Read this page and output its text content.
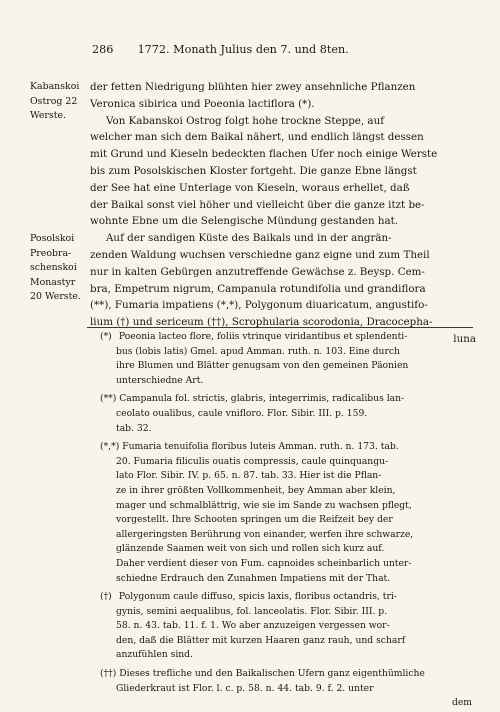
286 1772. Monath Julius den 7. und 8ten.
Kabanskoi
Ostrog 22
Werste.
Posolskoi
Preobra-
schenskoi
Monastyr
20 Werste.
der fetten Niedrigung blühten hier zwey ansehnliche Pflanzen
Veronica sibirica und Poeonia lactiflora (*).
Von Kabanskoi Ostrog folgt hohe trockne Steppe, auf
welcher man sich dem Baikal nähert, und endlich längst dessen
mit Grund und Kieseln bedeckten flachen Ufer noch einige Werste
bis zum Posolskischen Kloster fortgeht. Die ganze Ebne längst
der See hat eine Unterlage von Kieseln, woraus erhellet, daß
der Baikal sonst viel höher und vielleicht über die ganze itzt be-
wohnte Ebne um die Selengische Mündung gestanden hat.
Auf der sandigen Küste des Baikals und in der angrän-
zenden Waldung wuchsen verschiedne ganz eigne und zum Theil
nur in kalten Gebürgen anzutreffende Gewächse z. Beysp. Cem-
bra, Empetrum nigrum, Campanula rotundifolia und grandiflora
(**), Fumaria impatiens (*,*), Polygonum diuaricatum, angustifo-
lium (†) und sericeum (††), Scrophularia scorodonia, Dracocepha-
luna
(*) Poeonia lacteo flore, foliis vtrinque viridantibus et splendenti-
bus (lobis latis) Gmel. apud Amman. ruth. n. 103. Eine durch
ihre Blumen und Blätter genugsam von den gemeinen Päonien
unterschiedne Art.
(**) Campanula fol. strictis, glabris, integerrimis, radicalibus lan-
ceolato oualibus, caule vnifloro. Flor. Sibir. III. p. 159.
tab. 32.
(*,*) Fumaria tenuifolia floribus luteis Amman. ruth. n. 173. tab.
20. Fumaria filiculis ouatis compressis, caule quinquangu-
lato Flor. Sibir. IV. p. 65. n. 87. tab. 33. Hier ist die Pflan-
ze in ihrer größten Vollkommenheit, bey Amman aber klein,
mager und schmalblättrig, wie sie im Sande zu wachsen pflegt,
vorgestellt. Ihre Schooten springen um die Reifzeit bey der
allergeringsten Berührung von einander, werfen ihre schwarze,
glänzende Saamen weit von sich und rollen sich kurz auf.
Daher verdient dieser von Fum. capnoides scheinbarlich unter-
schiedne Erdrauch den Zunahmen Impatiens mit der That.
(†) Polygonum caule diffuso, spicis laxis, floribus octandris, tri-
gynis, semini aequalibus, fol. lanceolatis. Flor. Sibir. III. p.
58. n. 43. tab. 11. f. 1. Wo aber anzuzeigen vergessen wor-
den, daß die Blätter mit kurzen Haaren ganz rauh, und scharf
anzufühlen sind.
(††) Dieses trefliche und den Baikalischen Ufern ganz eigenthümliche
Gliederkraut ist Flor. l. c. p. 58. n. 44. tab. 9. f. 2. unter
dem
